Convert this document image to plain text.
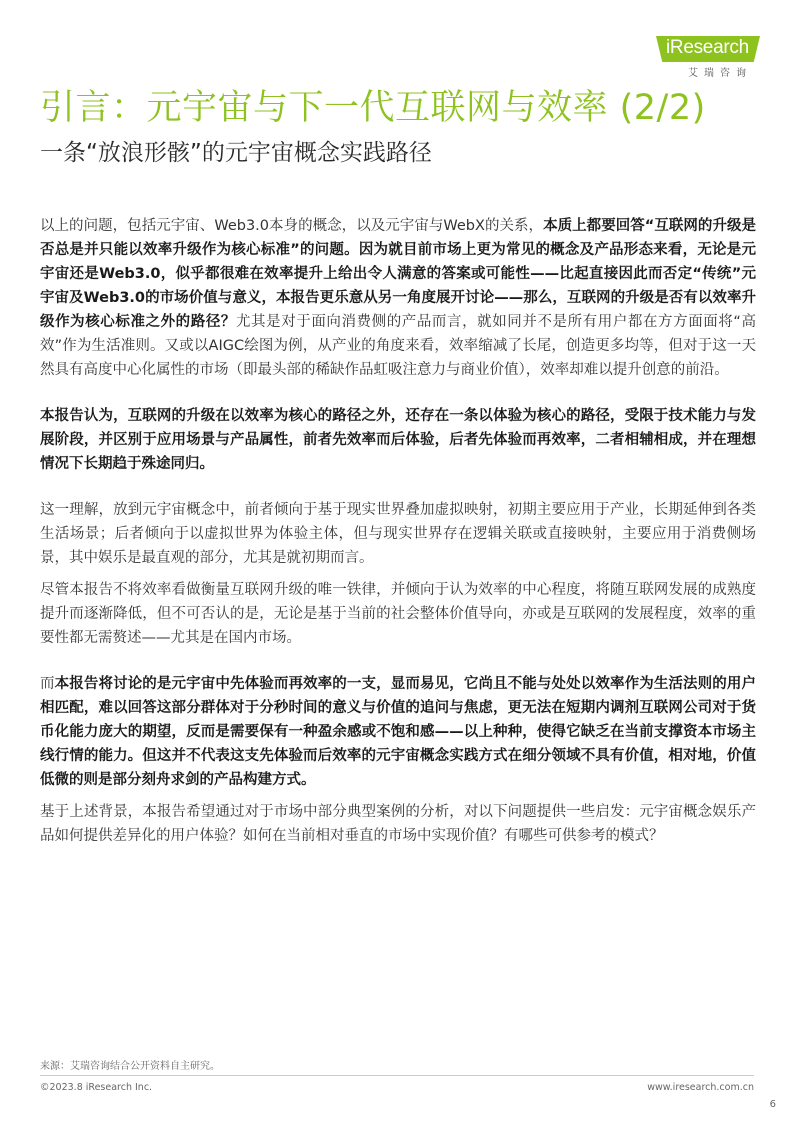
iResearch
艾瑞咨询
引言：元宇宙与下一代互联网与效率 (2/2)
一条“放浪形骸”的元宇宙概念实践路径

以上的问题，包括元宇宙、Web3.0本身的概念，以及元宇宙与WebX的关系，本质上都要回答“互联网的升级是否总是并只能以效率升级作为核心标准”的问题。因为就目前市场上更为常见的概念及产品形态来看，无论是元宇宙还是Web3.0，似乎都很难在效率提升上给出令人满意的答案或可能性——比起直接因此而否定“传统”元宇宙及Web3.0的市场价值与意义，本报告更乐意从另一角度展开讨论——那么，互联网的升级是否有以效率升级作为核心标准之外的路径？尤其是对于面向消费侧的产品而言，就如同并不是所有用户都在方方面面将“高效”作为生活准则。又或以AIGC绘图为例，从产业的角度来看，效率缩减了长尾，创造更多均等，但对于这一天然具有高度中心化属性的市场（即最头部的稀缺作品虹吸注意力与商业价值），效率却难以提升创意的前沿。

本报告认为，互联网的升级在以效率为核心的路径之外，还存在一条以体验为核心的路径，受限于技术能力与发展阶段，并区别于应用场景与产品属性，前者先效率而后体验，后者先体验而再效率，二者相辅相成，并在理想情况下长期趋于殊途同归。

这一理解，放到元宇宙概念中，前者倾向于基于现实世界叠加虚拟映射，初期主要应用于产业，长期延伸到各类生活场景；后者倾向于以虚拟世界为体验主体，但与现实世界存在逻辑关联或直接映射，主要应用于消费侧场景，其中娱乐是最直观的部分，尤其是就初期而言。

尽管本报告不将效率看做衡量互联网升级的唯一铁律，并倾向于认为效率的中心程度，将随互联网发展的成熟度提升而逐渐降低，但不可否认的是，无论是基于当前的社会整体价值导向，亦或是互联网的发展程度，效率的重要性都无需赘述——尤其是在国内市场。

而本报告将讨论的是元宇宙中先体验而再效率的一支，显而易见，它尚且不能与处处以效率作为生活法则的用户相匹配，难以回答这部分群体对于分秒时间的意义与价值的追问与焦虑，更无法在短期内调剂互联网公司对于货币化能力庞大的期望，反而是需要保有一种盈余感或不饱和感——以上种种，使得它缺乏在当前支撑资本市场主线行情的能力。但这并不代表这支先体验而后效率的元宇宙概念实践方式在细分领域不具有价值，相对地，价值低微的则是部分刻舟求剑的产品构建方式。

基于上述背景，本报告希望通过对于市场中部分典型案例的分析，对以下问题提供一些启发：元宇宙概念娱乐产品如何提供差异化的用户体验？如何在当前相对垂直的市场中实现价值？有哪些可供参考的模式？

来源：艾瑞咨询结合公开资料自主研究。
©2023.8 iResearch Inc.	www.iresearch.com.cn
6
